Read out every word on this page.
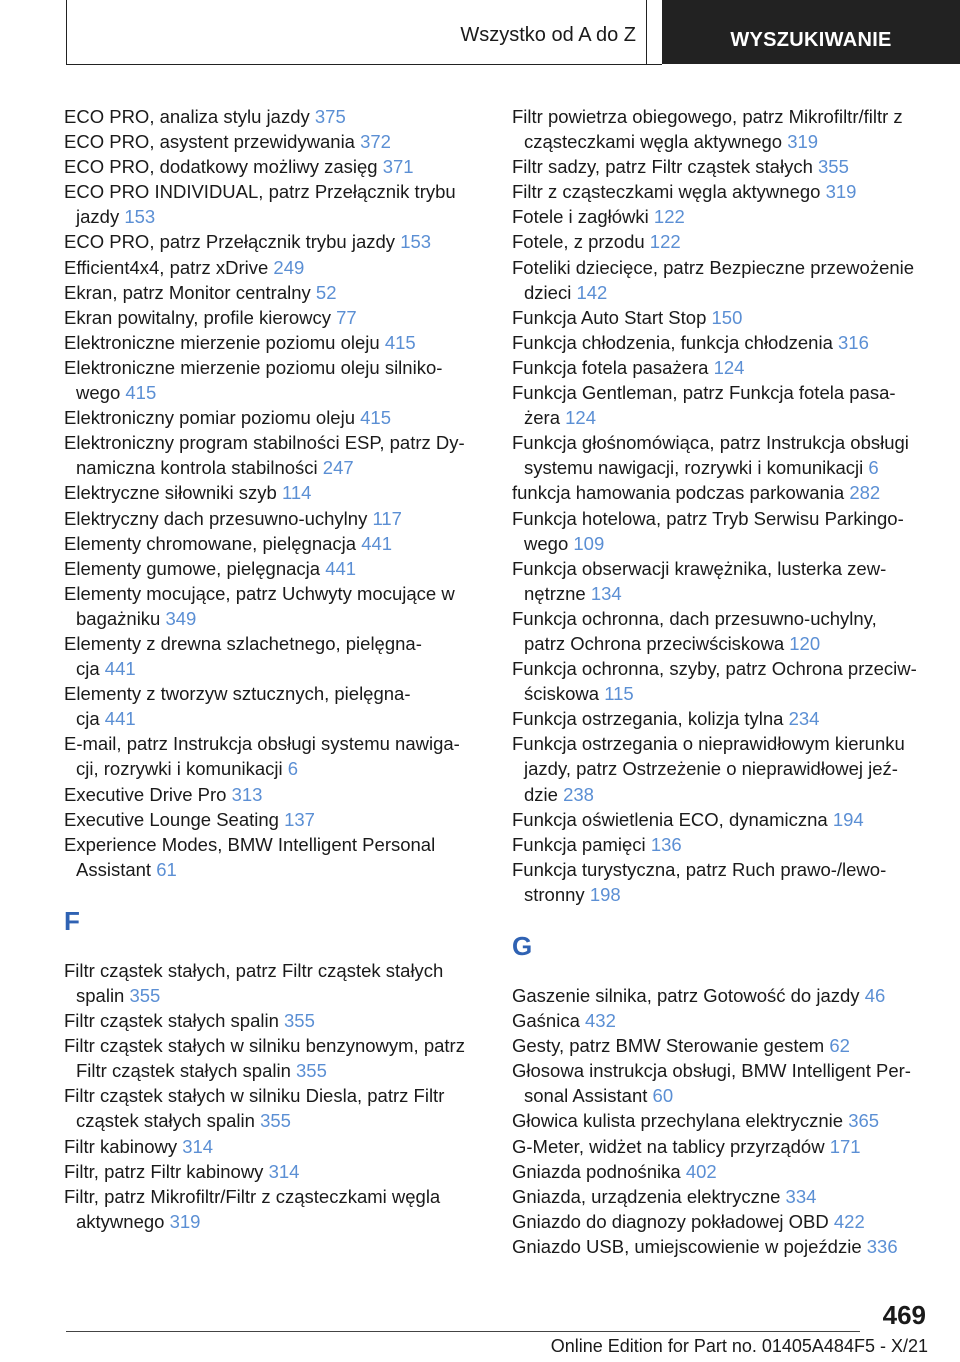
Wszystko od A do Z	WYSZUKIWANIE
ECO PRO, analiza stylu jazdy 375
ECO PRO, asystent przewidywania 372
ECO PRO, dodatkowy możliwy zasięg 371
ECO PRO INDIVIDUAL, patrz Przełącznik trybu
jazdy 153
ECO PRO, patrz Przełącznik trybu jazdy 153
Efficient4x4, patrz xDrive 249
Ekran, patrz Monitor centralny 52
Ekran powitalny, profile kierowcy 77
Elektroniczne mierzenie poziomu oleju 415
Elektroniczne mierzenie poziomu oleju silniko-
wego 415
Elektroniczny pomiar poziomu oleju 415
Elektroniczny program stabilności ESP, patrz Dy-
namiczna kontrola stabilności 247
Elektryczne siłowniki szyb 114
Elektryczny dach przesuwno-uchylny 117
Elementy chromowane, pielęgnacja 441
Elementy gumowe, pielęgnacja 441
Elementy mocujące, patrz Uchwyty mocujące w
bagażniku 349
Elementy z drewna szlachetnego, pielęgna-
cja 441
Elementy z tworzyw sztucznych, pielęgna-
cja 441
E-mail, patrz Instrukcja obsługi systemu nawiga-
cji, rozrywki i komunikacji 6
Executive Drive Pro 313
Executive Lounge Seating 137
Experience Modes, BMW Intelligent Personal
Assistant 61
F
Filtr cząstek stałych, patrz Filtr cząstek stałych
spalin 355
Filtr cząstek stałych spalin 355
Filtr cząstek stałych w silniku benzynowym, patrz
Filtr cząstek stałych spalin 355
Filtr cząstek stałych w silniku Diesla, patrz Filtr
cząstek stałych spalin 355
Filtr kabinowy 314
Filtr, patrz Filtr kabinowy 314
Filtr, patrz Mikrofiltr/Filtr z cząsteczkami węgla
aktywnego 319
Filtr powietrza obiegowego, patrz Mikrofiltr/filtr z
cząsteczkami węgla aktywnego 319
Filtr sadzy, patrz Filtr cząstek stałych 355
Filtr z cząsteczkami węgla aktywnego 319
Fotele i zagłówki 122
Fotele, z przodu 122
Foteliki dziecięce, patrz Bezpieczne przewożenie
dzieci 142
Funkcja Auto Start Stop 150
Funkcja chłodzenia, funkcja chłodzenia 316
Funkcja fotela pasażera 124
Funkcja Gentleman, patrz Funkcja fotela pasa-
żera 124
Funkcja głośnomówiąca, patrz Instrukcja obsługi
systemu nawigacji, rozrywki i komunikacji 6
funkcja hamowania podczas parkowania 282
Funkcja hotelowa, patrz Tryb Serwisu Parkingo-
wego 109
Funkcja obserwacji krawężnika, lusterka zew-
nętrzne 134
Funkcja ochronna, dach przesuwno-uchylny,
patrz Ochrona przeciwściskowa 120
Funkcja ochronna, szyby, patrz Ochrona przeciw-
ściskowa 115
Funkcja ostrzegania, kolizja tylna 234
Funkcja ostrzegania o nieprawidłowym kierunku
jazdy, patrz Ostrzeżenie o nieprawidłowej jeź-
dzie 238
Funkcja oświetlenia ECO, dynamiczna 194
Funkcja pamięci 136
Funkcja turystyczna, patrz Ruch prawo-/lewo-
stronny 198
G
Gaszenie silnika, patrz Gotowość do jazdy 46
Gaśnica 432
Gesty, patrz BMW Sterowanie gestem 62
Głosowa instrukcja obsługi, BMW Intelligent Per-
sonal Assistant 60
Głowica kulista przechylana elektrycznie 365
G-Meter, widżet na tablicy przyrządów 171
Gniazda podnośnika 402
Gniazda, urządzenia elektryczne 334
Gniazdo do diagnozy pokładowej OBD 422
Gniazdo USB, umiejscowienie w pojeździe 336
469
Online Edition for Part no. 01405A484F5 - X/21
